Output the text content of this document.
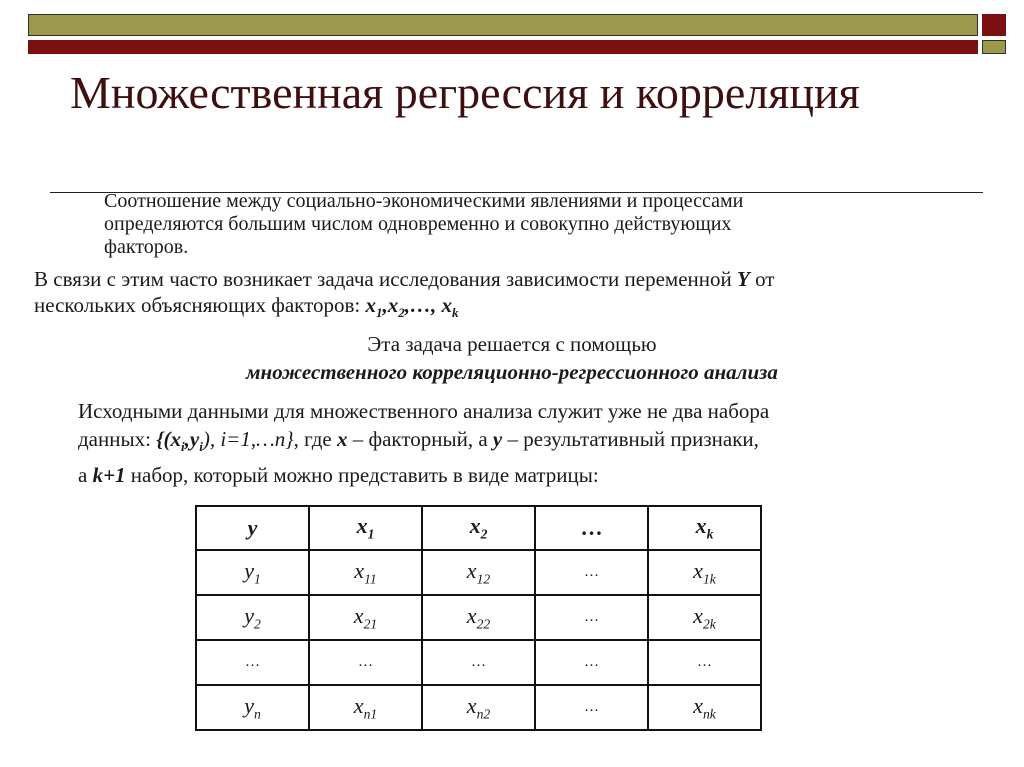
Множественная регрессия и корреляция
Соотношение между социально-экономическими явлениями и процессами
определяются большим числом одновременно и совокупно действующих
факторов.
В связи с этим часто возникает задача исследования зависимости переменной Y от
нескольких объясняющих факторов: $x_1,x_2,\dots$, $x_k$
Эта задача решается с помощью
множественного корреляционно-регрессионного анализа
Исходными данными для множественного анализа служит уже не два набора
данных: {$(x_i,y_i)$, i=1,…n}, где x – факторный, а y – результативный признаки,
а k+1 набор, который можно представить в виде матрицы:
y	$x_1$	$x_2$	…	$x_k$
$y_1$	$x_{11}$	$x_{12}$	…	$x_{1k}$
$y_2$	$x_{21}$	$x_{22}$	…	$x_{2k}$
…	…	…	…	…
$y_n$	$x_{n1}$	$x_{n2}$	…	$x_{nk}$
